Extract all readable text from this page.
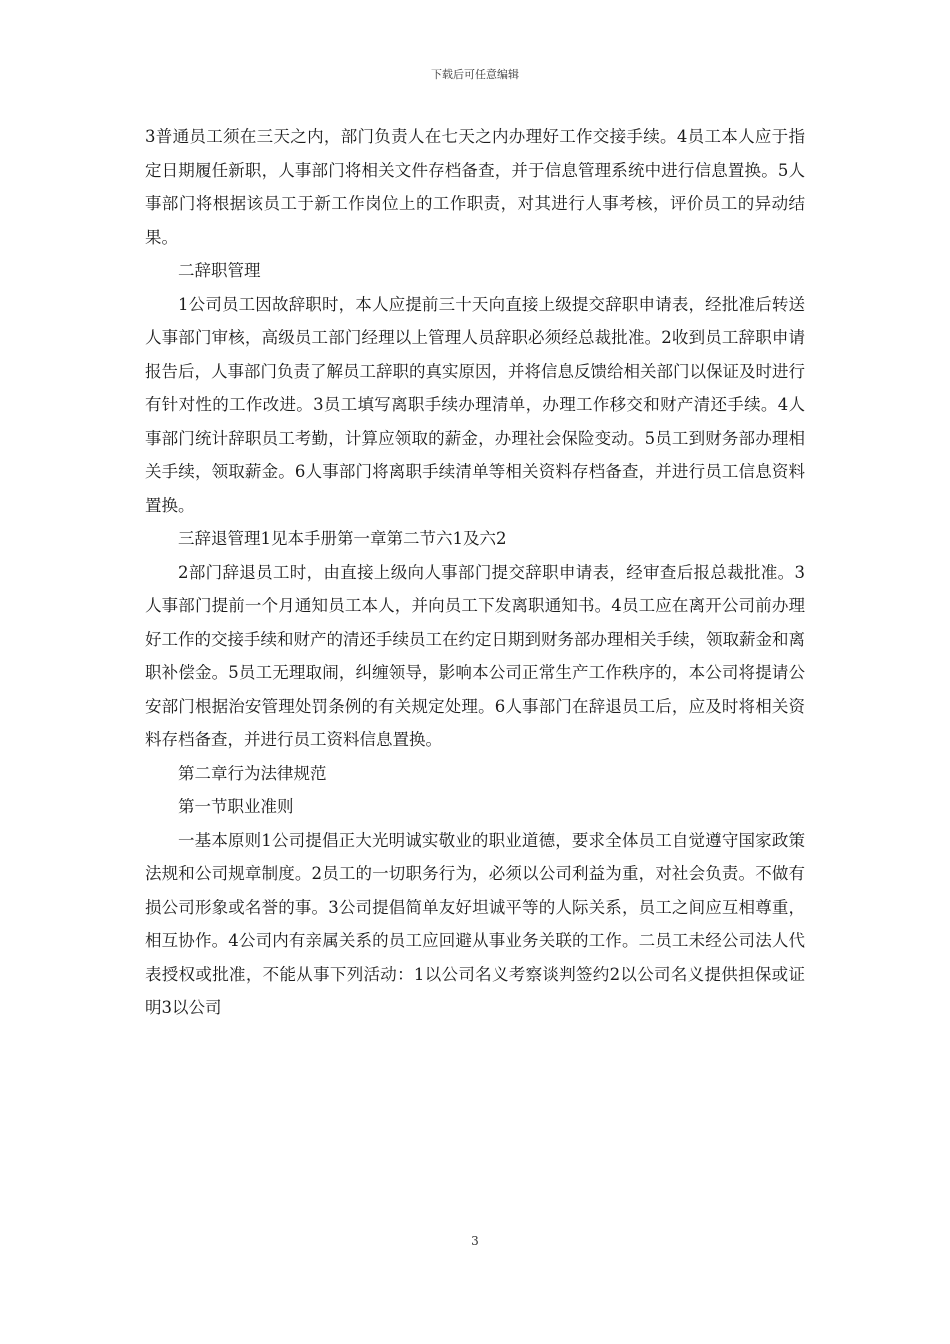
下载后可任意编辑

3普通员工须在三天之内，部门负责人在七天之内办理好工作交接手续。4员工本人应于指定日期履任新职，人事部门将相关文件存档备查，并于信息管理系统中进行信息置换。5人事部门将根据该员工于新工作岗位上的工作职责，对其进行人事考核，评价员工的异动结果。

二辞职管理

1公司员工因故辞职时，本人应提前三十天向直接上级提交辞职申请表，经批准后转送人事部门审核，高级员工部门经理以上管理人员辞职必须经总裁批准。2收到员工辞职申请报告后，人事部门负责了解员工辞职的真实原因，并将信息反馈给相关部门以保证及时进行有针对性的工作改进。3员工填写离职手续办理清单，办理工作移交和财产清还手续。4人事部门统计辞职员工考勤，计算应领取的薪金，办理社会保险变动。5员工到财务部办理相关手续，领取薪金。6人事部门将离职手续清单等相关资料存档备查，并进行员工信息资料置换。

三辞退管理1见本手册第一章第二节六1及六2

2部门辞退员工时，由直接上级向人事部门提交辞职申请表，经审查后报总裁批准。3人事部门提前一个月通知员工本人，并向员工下发离职通知书。4员工应在离开公司前办理好工作的交接手续和财产的清还手续员工在约定日期到财务部办理相关手续，领取薪金和离职补偿金。5员工无理取闹，纠缠领导，影响本公司正常生产工作秩序的，本公司将提请公安部门根据治安管理处罚条例的有关规定处理。6人事部门在辞退员工后，应及时将相关资料存档备查，并进行员工资料信息置换。

第二章行为法律规范

第一节职业准则

一基本原则1公司提倡正大光明诚实敬业的职业道德，要求全体员工自觉遵守国家政策法规和公司规章制度。2员工的一切职务行为，必须以公司利益为重，对社会负责。不做有损公司形象或名誉的事。3公司提倡简单友好坦诚平等的人际关系，员工之间应互相尊重，相互协作。4公司内有亲属关系的员工应回避从事业务关联的工作。二员工未经公司法人代表授权或批准，不能从事下列活动：1以公司名义考察谈判签约2以公司名义提供担保或证明3以公司

3
